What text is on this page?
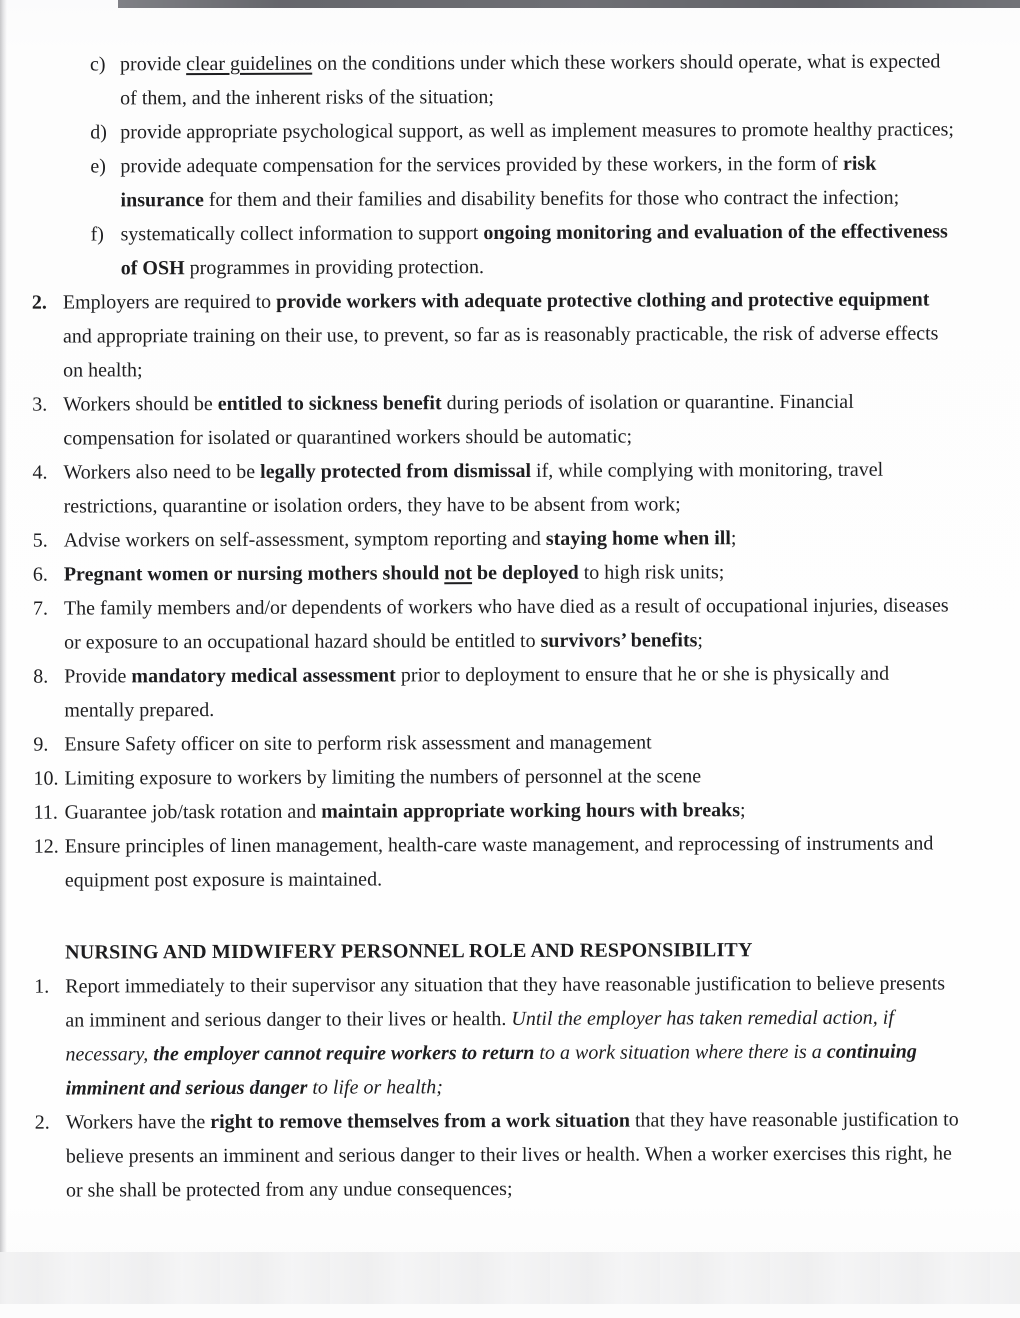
c) provide clear guidelines on the conditions under which these workers should operate, what is expected of them, and the inherent risks of the situation;
d) provide appropriate psychological support, as well as implement measures to promote healthy practices;
e) provide adequate compensation for the services provided by these workers, in the form of risk insurance for them and their families and disability benefits for those who contract the infection;
f) systematically collect information to support ongoing monitoring and evaluation of the effectiveness of OSH programmes in providing protection.
2. Employers are required to provide workers with adequate protective clothing and protective equipment and appropriate training on their use, to prevent, so far as is reasonably practicable, the risk of adverse effects on health;
3. Workers should be entitled to sickness benefit during periods of isolation or quarantine. Financial compensation for isolated or quarantined workers should be automatic;
4. Workers also need to be legally protected from dismissal if, while complying with monitoring, travel restrictions, quarantine or isolation orders, they have to be absent from work;
5. Advise workers on self-assessment, symptom reporting and staying home when ill;
6. Pregnant women or nursing mothers should not be deployed to high risk units;
7. The family members and/or dependents of workers who have died as a result of occupational injuries, diseases or exposure to an occupational hazard should be entitled to survivors’ benefits;
8. Provide mandatory medical assessment prior to deployment to ensure that he or she is physically and mentally prepared.
9. Ensure Safety officer on site to perform risk assessment and management
10. Limiting exposure to workers by limiting the numbers of personnel at the scene
11. Guarantee job/task rotation and maintain appropriate working hours with breaks;
12. Ensure principles of linen management, health-care waste management, and reprocessing of instruments and equipment post exposure is maintained.
NURSING AND MIDWIFERY PERSONNEL ROLE AND RESPONSIBILITY
1. Report immediately to their supervisor any situation that they have reasonable justification to believe presents an imminent and serious danger to their lives or health. Until the employer has taken remedial action, if necessary, the employer cannot require workers to return to a work situation where there is a continuing imminent and serious danger to life or health;
2. Workers have the right to remove themselves from a work situation that they have reasonable justification to believe presents an imminent and serious danger to their lives or health. When a worker exercises this right, he or she shall be protected from any undue consequences;
